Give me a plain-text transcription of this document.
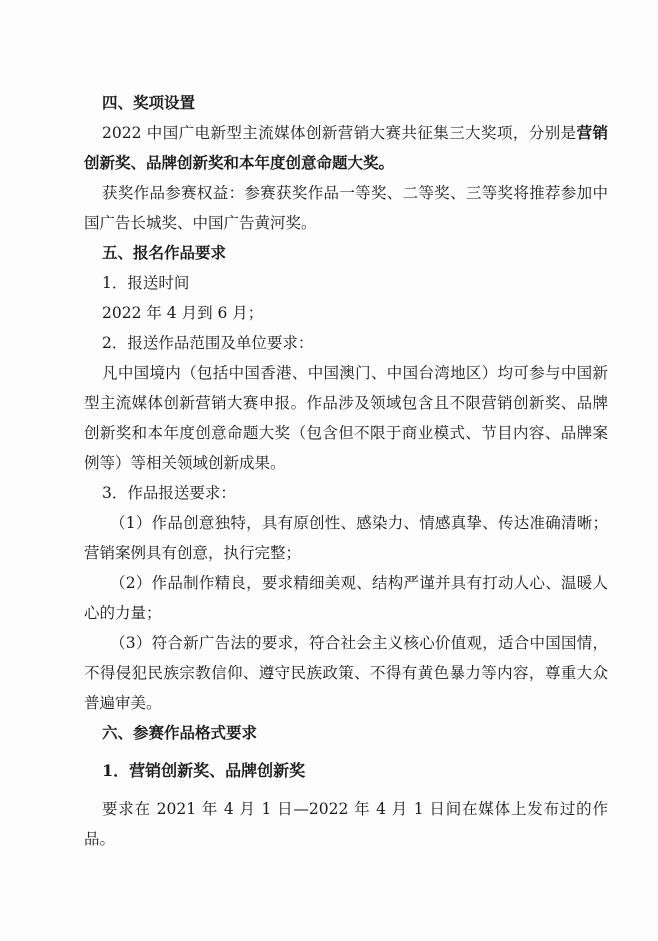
四、奖项设置
2022 中国广电新型主流媒体创新营销大赛共征集三大奖项，分别是营销创新奖、品牌创新奖和本年度创意命题大奖。
获奖作品参赛权益：参赛获奖作品一等奖、二等奖、三等奖将推荐参加中国广告长城奖、中国广告黄河奖。
五、报名作品要求
1．报送时间
2022 年 4 月到 6 月；
2．报送作品范围及单位要求：
凡中国境内（包括中国香港、中国澳门、中国台湾地区）均可参与中国新型主流媒体创新营销大赛申报。作品涉及领域包含且不限营销创新奖、品牌创新奖和本年度创意命题大奖（包含但不限于商业模式、节目内容、品牌案例等）等相关领域创新成果。
3．作品报送要求：
（1）作品创意独特，具有原创性、感染力、情感真挚、传达准确清晰；营销案例具有创意，执行完整；
（2）作品制作精良，要求精细美观、结构严谨并具有打动人心、温暖人心的力量；
（3）符合新广告法的要求，符合社会主义核心价值观，适合中国国情，不得侵犯民族宗教信仰、遵守民族政策、不得有黄色暴力等内容，尊重大众普遍审美。
六、参赛作品格式要求
1．营销创新奖、品牌创新奖
要求在 2021 年 4 月 1 日—2022 年 4 月 1 日间在媒体上发布过的作品。
